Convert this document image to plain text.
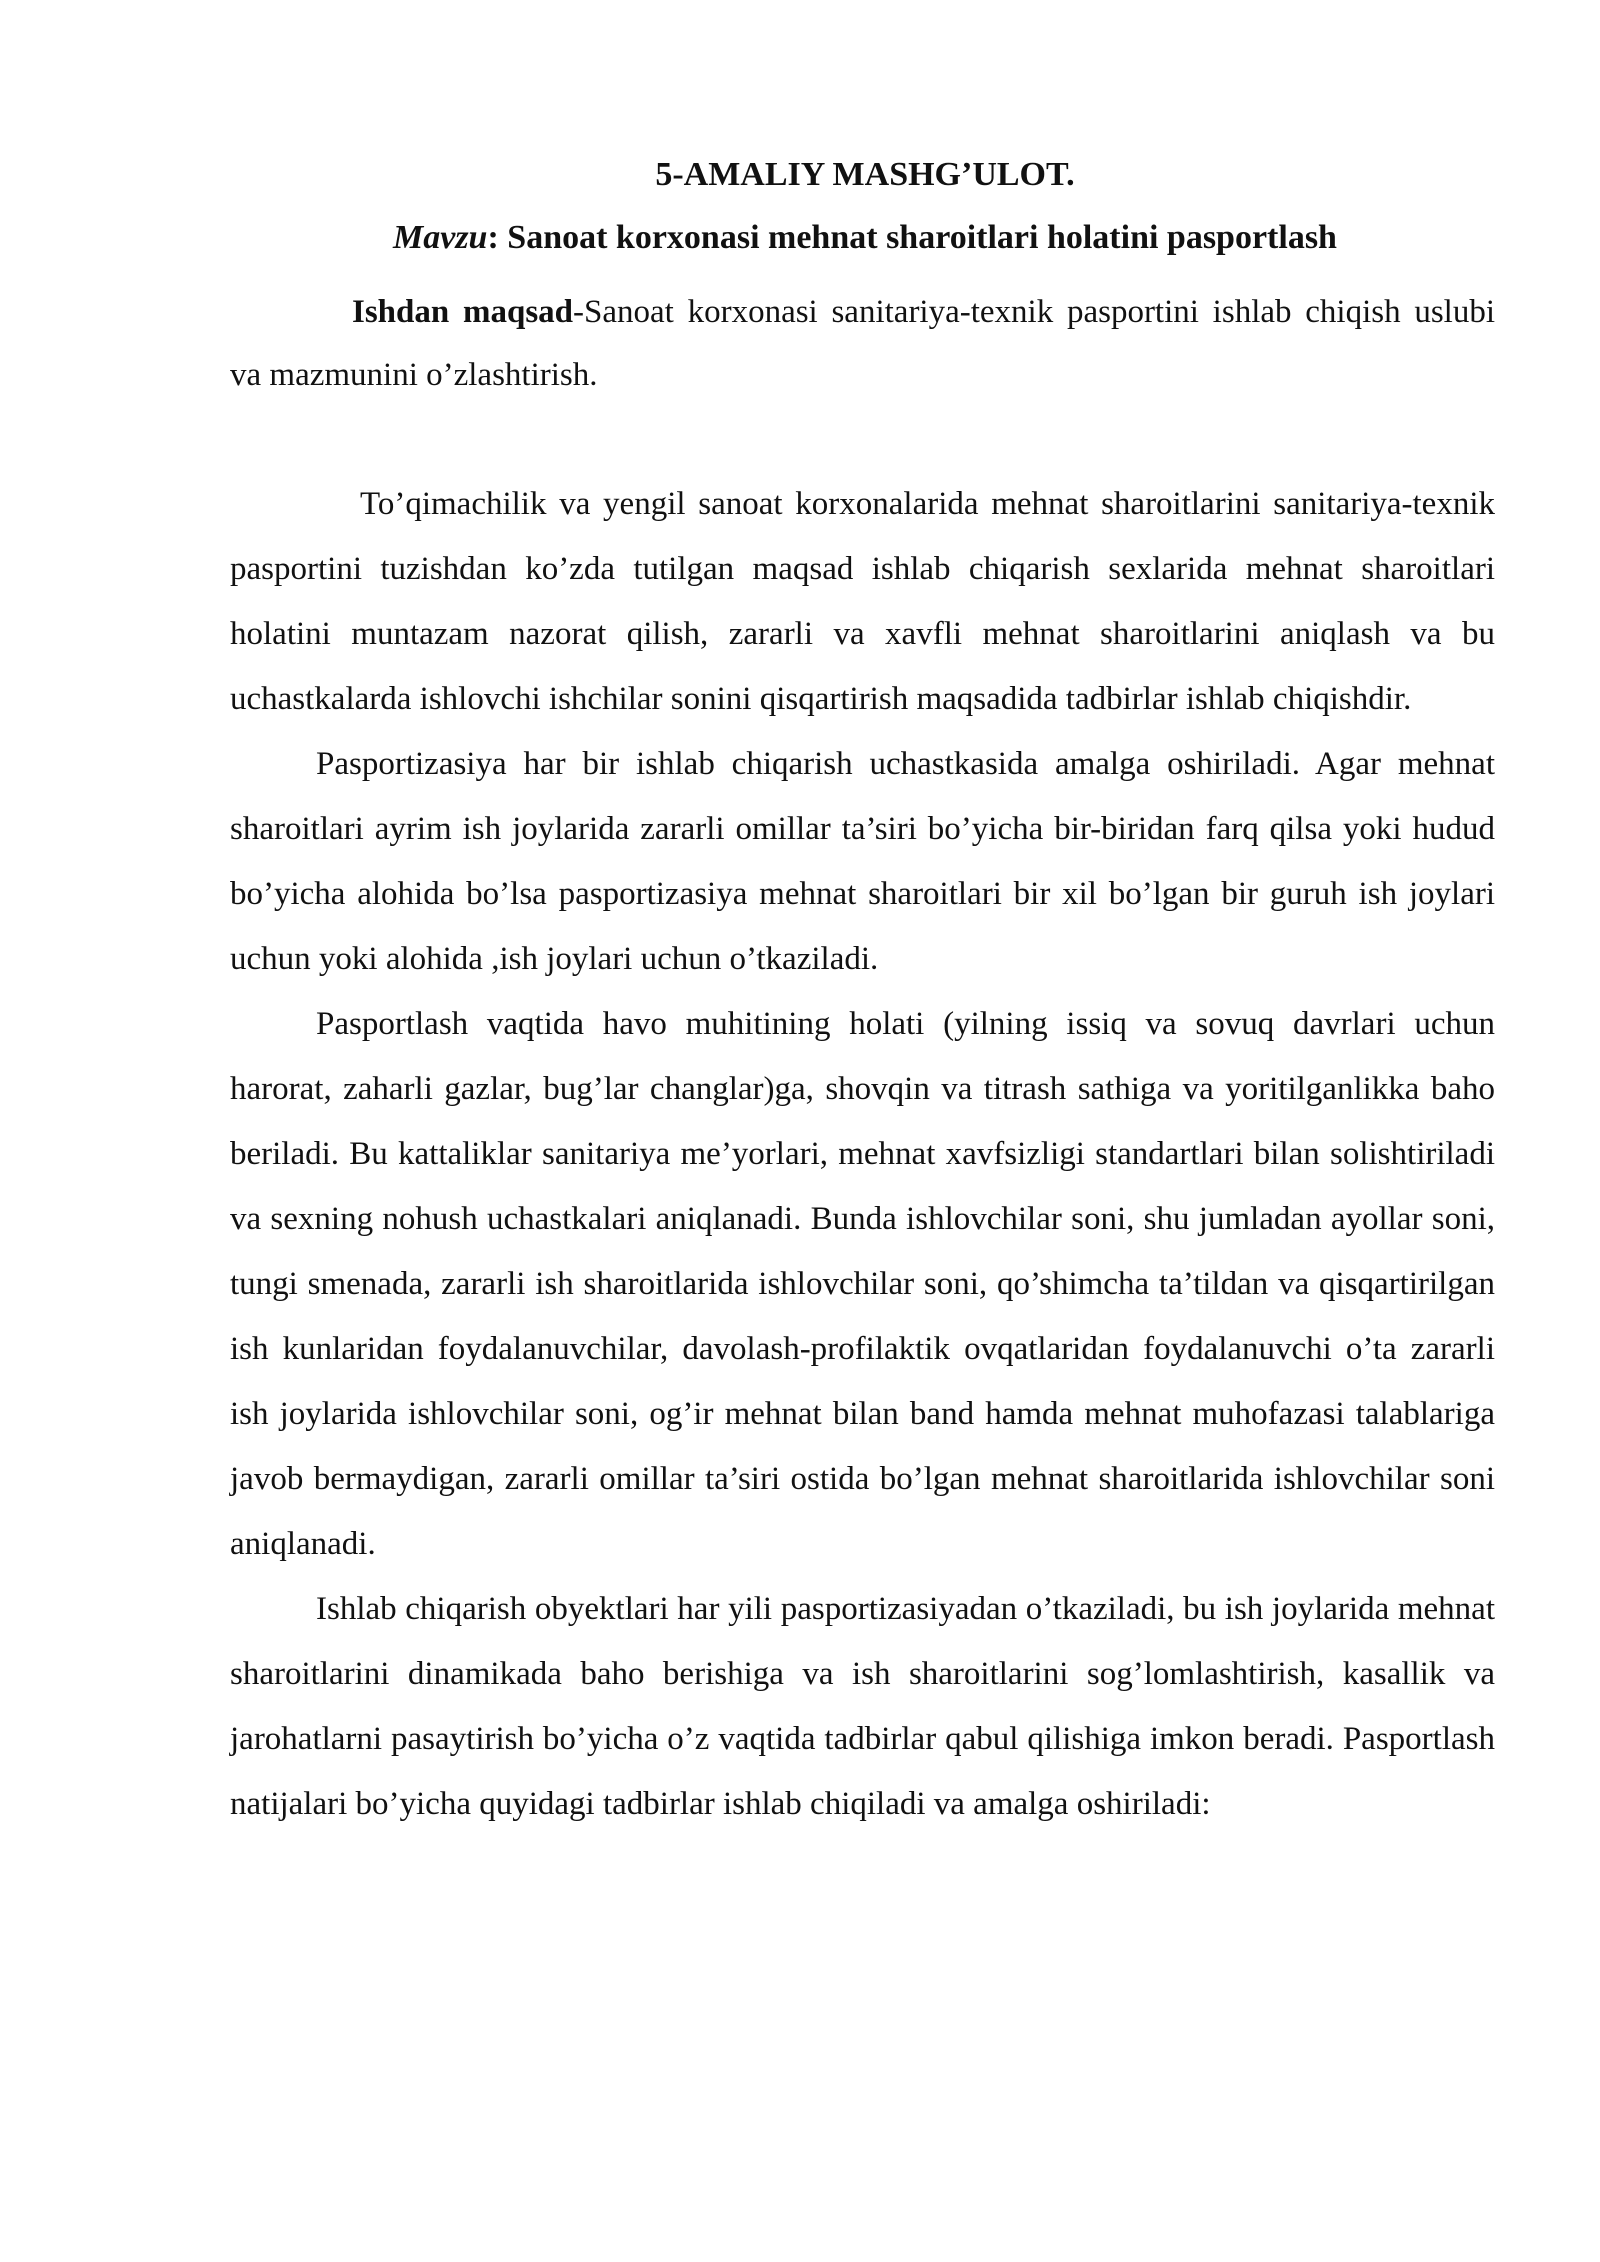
5-AMALIY MASHG’ULOT.

Mavzu: Sanoat korxonasi mehnat sharoitlari holatini pasportlash

Ishdan maqsad-Sanoat korxonasi sanitariya-texnik pasportini ishlab chiqish uslubi va mazmunini o’zlashtirish.

To’qimachilik va yengil sanoat korxonalarida mehnat sharoitlarini sanitariya-texnik pasportini tuzishdan ko’zda tutilgan maqsad ishlab chiqarish sexlarida mehnat sharoitlari holatini muntazam nazorat qilish, zararli va xavfli mehnat sharoitlarini aniqlash va bu uchastkalarda ishlovchi ishchilar sonini qisqartirish maqsadida tadbirlar ishlab chiqishdir.

Pasportizasiya har bir ishlab chiqarish uchastkasida amalga oshiriladi. Agar mehnat sharoitlari ayrim ish joylarida zararli omillar ta’siri bo’yicha bir-biridan farq qilsa yoki hudud bo’yicha alohida bo’lsa pasportizasiya mehnat sharoitlari bir xil bo’lgan bir guruh ish joylari uchun yoki alohida ,ish joylari uchun o’tkaziladi.

Pasportlash vaqtida havo muhitining holati (yilning issiq va sovuq davrlari uchun harorat, zaharli gazlar, bug’lar changlar)ga, shovqin va titrash sathiga va yoritilganlikka baho beriladi. Bu kattaliklar sanitariya me’yorlari, mehnat xavfsizligi standartlari bilan solishtiriladi va sexning nohush uchastkalari aniqlanadi. Bunda ishlovchilar soni, shu jumladan ayollar soni, tungi smenada, zararli ish sharoitlarida ishlovchilar soni, qo’shimcha ta’tildan va qisqartirilgan ish kunlaridan foydalanuvchilar, davolash-profilaktik ovqatlaridan foydalanuvchi o’ta zararli ish joylarida ishlovchilar soni, og’ir mehnat bilan band hamda mehnat muhofazasi talablariga javob bermaydigan, zararli omillar ta’siri ostida bo’lgan mehnat sharoitlarida ishlovchilar soni aniqlanadi.

Ishlab chiqarish obyektlari har yili pasportizasiyadan o’tkaziladi, bu ish joylarida mehnat sharoitlarini dinamikada baho berishiga va ish sharoitlarini sog’lomlashtirish, kasallik va jarohatlarni pasaytirish bo’yicha o’z vaqtida tadbirlar qabul qilishiga imkon beradi. Pasportlash natijalari bo’yicha quyidagi tadbirlar ishlab chiqiladi va amalga oshiriladi:
